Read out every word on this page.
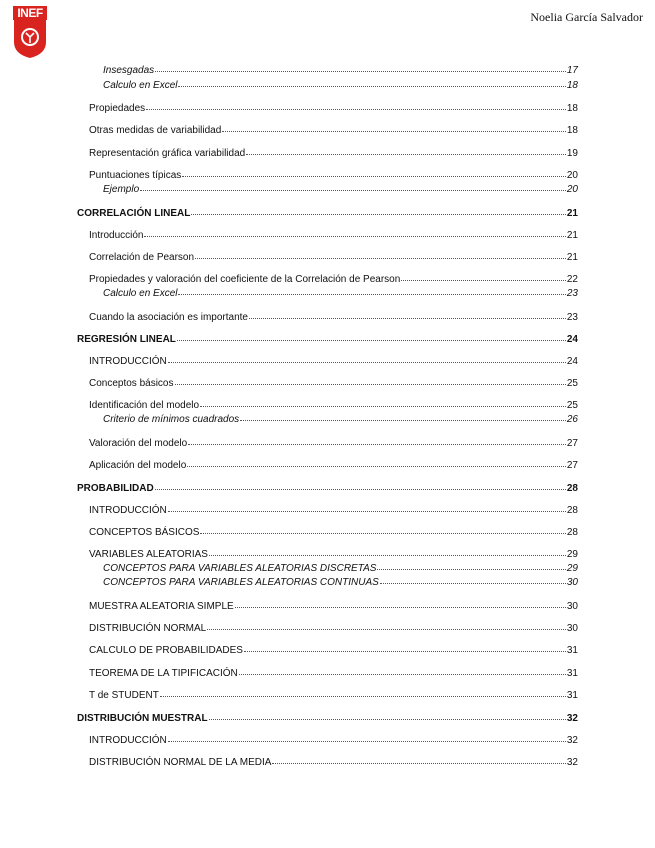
INEF	Noelia García Salvador
Insesgadas	17
Calculo en Excel	18
Propiedades	18
Otras medidas de variabilidad	18
Representación gráfica variabilidad	19
Puntuaciones típicas	20
Ejemplo	20
CORRELACIÓN LINEAL	21
Introducción	21
Correlación de Pearson	21
Propiedades y valoración del coeficiente de la Correlación de Pearson	22
Calculo en Excel	23
Cuando la asociación es importante	23
REGRESIÓN LINEAL	24
INTRODUCCIÓN	24
Conceptos básicos	25
Identificación del modelo	25
Criterio de mínimos cuadrados	26
Valoración del modelo	27
Aplicación del modelo	27
PROBABILIDAD	28
INTRODUCCIÓN	28
CONCEPTOS BÁSICOS	28
VARIABLES ALEATORIAS	29
CONCEPTOS PARA VARIABLES ALEATORIAS DISCRETAS	29
CONCEPTOS PARA VARIABLES ALEATORIAS CONTINUAS	30
MUESTRA ALEATORIA SIMPLE	30
DISTRIBUCIÓN NORMAL	30
CALCULO DE PROBABILIDADES	31
TEOREMA DE LA TIPIFICACIÓN	31
T de STUDENT	31
DISTRIBUCIÓN MUESTRAL	32
INTRODUCCIÓN	32
DISTRIBUCIÓN NORMAL DE LA MEDIA	32
